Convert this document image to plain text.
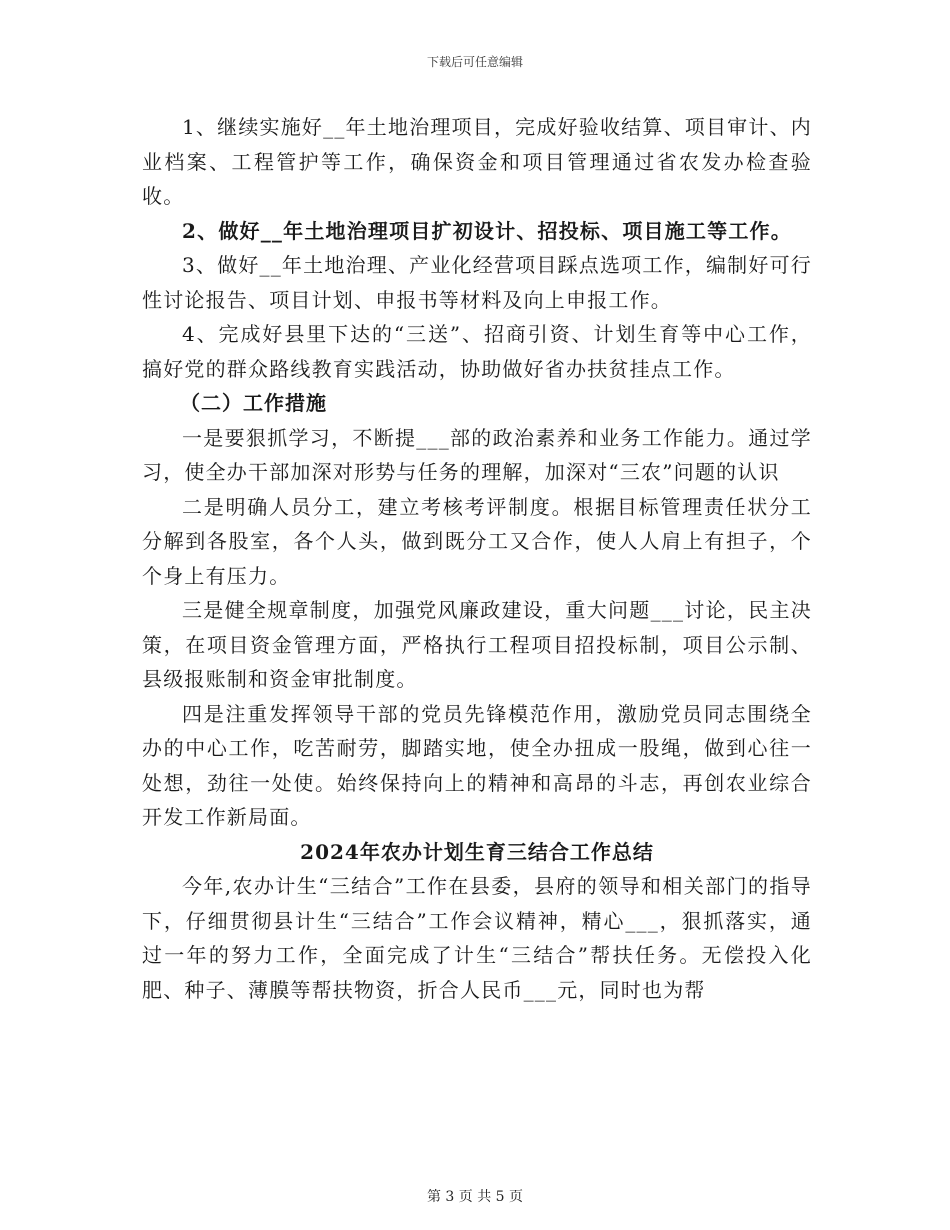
下载后可任意编辑

1、继续实施好__年土地治理项目，完成好验收结算、项目审计、内业档案、工程管护等工作，确保资金和项目管理通过省农发办检查验收。

2、做好__年土地治理项目扩初设计、招投标、项目施工等工作。

3、做好__年土地治理、产业化经营项目踩点选项工作，编制好可行性讨论报告、项目计划、申报书等材料及向上申报工作。

4、完成好县里下达的“三送”、招商引资、计划生育等中心工作，搞好党的群众路线教育实践活动，协助做好省办扶贫挂点工作。

（二）工作措施

一是要狠抓学习，不断提___部的政治素养和业务工作能力。通过学习，使全办干部加深对形势与任务的理解，加深对“三农”问题的认识

二是明确人员分工，建立考核考评制度。根据目标管理责任状分工分解到各股室，各个人头，做到既分工又合作，使人人肩上有担子，个个身上有压力。

三是健全规章制度，加强党风廉政建设，重大问题___讨论，民主决策，在项目资金管理方面，严格执行工程项目招投标制，项目公示制、县级报账制和资金审批制度。

四是注重发挥领导干部的党员先锋模范作用，激励党员同志围绕全办的中心工作，吃苦耐劳，脚踏实地，使全办扭成一股绳，做到心往一处想，劲往一处使。始终保持向上的精神和高昂的斗志，再创农业综合开发工作新局面。

2024年农办计划生育三结合工作总结

今年,农办计生“三结合”工作在县委，县府的领导和相关部门的指导下，仔细贯彻县计生“三结合”工作会议精神，精心___，狠抓落实，通过一年的努力工作，全面完成了计生“三结合”帮扶任务。无偿投入化肥、种子、薄膜等帮扶物资，折合人民币___元，同时也为帮

第 3 页 共 5 页
